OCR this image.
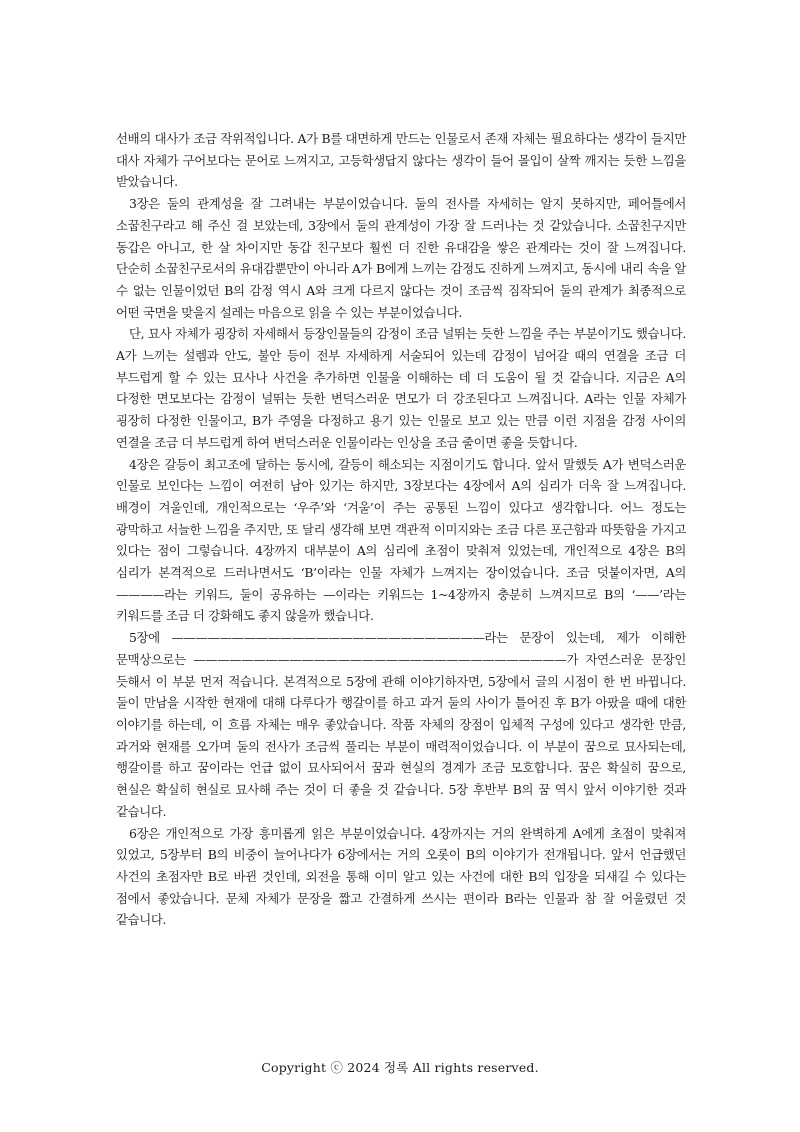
선배의 대사가 조금 작위적입니다. A가 B를 대면하게 만드는 인물로서 존재 자체는 필요하다는 생각이 들지만 대사 자체가 구어보다는 문어로 느껴지고, 고등학생답지 않다는 생각이 들어 몰입이 살짝 깨지는 듯한 느낌을 받았습니다.

3장은 둘의 관계성을 잘 그려내는 부분이었습니다. 둘의 전사를 자세히는 알지 못하지만, 페어틀에서 소꿉친구라고 해 주신 걸 보았는데, 3장에서 둘의 관계성이 가장 잘 드러나는 것 같았습니다. 소꿉친구지만 동갑은 아니고, 한 살 차이지만 동갑 친구보다 훨씬 더 진한 유대감을 쌓은 관계라는 것이 잘 느껴집니다. 단순히 소꿉친구로서의 유대감뿐만이 아니라 A가 B에게 느끼는 감정도 진하게 느껴지고, 동시에 내리 속을 알 수 없는 인물이었던 B의 감정 역시 A와 크게 다르지 않다는 것이 조금씩 짐작되어 둘의 관계가 최종적으로 어떤 국면을 맞을지 설레는 마음으로 읽을 수 있는 부분이었습니다.

단, 묘사 자체가 굉장히 자세해서 등장인물들의 감정이 조금 널뛰는 듯한 느낌을 주는 부분이기도 했습니다. A가 느끼는 설렘과 안도, 불안 등이 전부 자세하게 서술되어 있는데 감정이 넘어갈 때의 연결을 조금 더 부드럽게 할 수 있는 묘사나 사건을 추가하면 인물을 이해하는 데 더 도움이 될 것 같습니다. 지금은 A의 다정한 면모보다는 감정이 널뛰는 듯한 변덕스러운 면모가 더 강조된다고 느껴집니다. A라는 인물 자체가 굉장히 다정한 인물이고, B가 주영을 다정하고 용기 있는 인물로 보고 있는 만큼 이런 지점을 감정 사이의 연결을 조금 더 부드럽게 하여 변덕스러운 인물이라는 인상을 조금 줄이면 좋을 듯합니다.

4장은 갈등이 최고조에 달하는 동시에, 갈등이 해소되는 지점이기도 합니다. 앞서 말했듯 A가 변덕스러운 인물로 보인다는 느낌이 여전히 남아 있기는 하지만, 3장보다는 4장에서 A의 심리가 더욱 잘 느껴집니다. 배경이 겨울인데, 개인적으로는 ‘우주’와 ‘겨울’이 주는 공통된 느낌이 있다고 생각합니다. 어느 정도는 광막하고 서늘한 느낌을 주지만, 또 달리 생각해 보면 객관적 이미지와는 조금 다른 포근함과 따뜻함을 가지고 있다는 점이 그렇습니다. 4장까지 대부분이 A의 심리에 초점이 맞춰져 있었는데, 개인적으로 4장은 B의 심리가 본격적으로 드러나면서도 ‘B’이라는 인물 자체가 느껴지는 장이었습니다. 조금 덧붙이자면, A의 ————라는 키워드, 둘이 공유하는 —이라는 키워드는 1~4장까지 충분히 느껴지므로 B의 ‘——’라는 키워드를 조금 더 강화해도 좋지 않을까 했습니다.

5장에 ——————————————————————————라는 문장이 있는데, 제가 이해한 문맥상으로는 ———————————————————————————————가 자연스러운 문장인 듯해서 이 부분 먼저 적습니다. 본격적으로 5장에 관해 이야기하자면, 5장에서 글의 시점이 한 번 바뀝니다. 둘이 만남을 시작한 현재에 대해 다루다가 행갈이를 하고 과거 둘의 사이가 틀어진 후 B가 아팠을 때에 대한 이야기를 하는데, 이 흐름 자체는 매우 좋았습니다. 작품 자체의 장점이 입체적 구성에 있다고 생각한 만큼, 과거와 현재를 오가며 둘의 전사가 조금씩 풀리는 부분이 매력적이었습니다. 이 부분이 꿈으로 묘사되는데, 행갈이를 하고 꿈이라는 언급 없이 묘사되어서 꿈과 현실의 경계가 조금 모호합니다. 꿈은 확실히 꿈으로, 현실은 확실히 현실로 묘사해 주는 것이 더 좋을 것 같습니다. 5장 후반부 B의 꿈 역시 앞서 이야기한 것과 같습니다.

6장은 개인적으로 가장 흥미롭게 읽은 부분이었습니다. 4장까지는 거의 완벽하게 A에게 초점이 맞춰져 있었고, 5장부터 B의 비중이 늘어나다가 6장에서는 거의 오롯이 B의 이야기가 전개됩니다. 앞서 언급했던 사건의 초점자만 B로 바뀐 것인데, 외전을 통해 이미 알고 있는 사건에 대한 B의 입장을 되새길 수 있다는 점에서 좋았습니다. 문체 자체가 문장을 짧고 간결하게 쓰시는 편이라 B라는 인물과 참 잘 어울렸던 것 같습니다.

Copyright ⓒ 2024 정록 All rights reserved.
